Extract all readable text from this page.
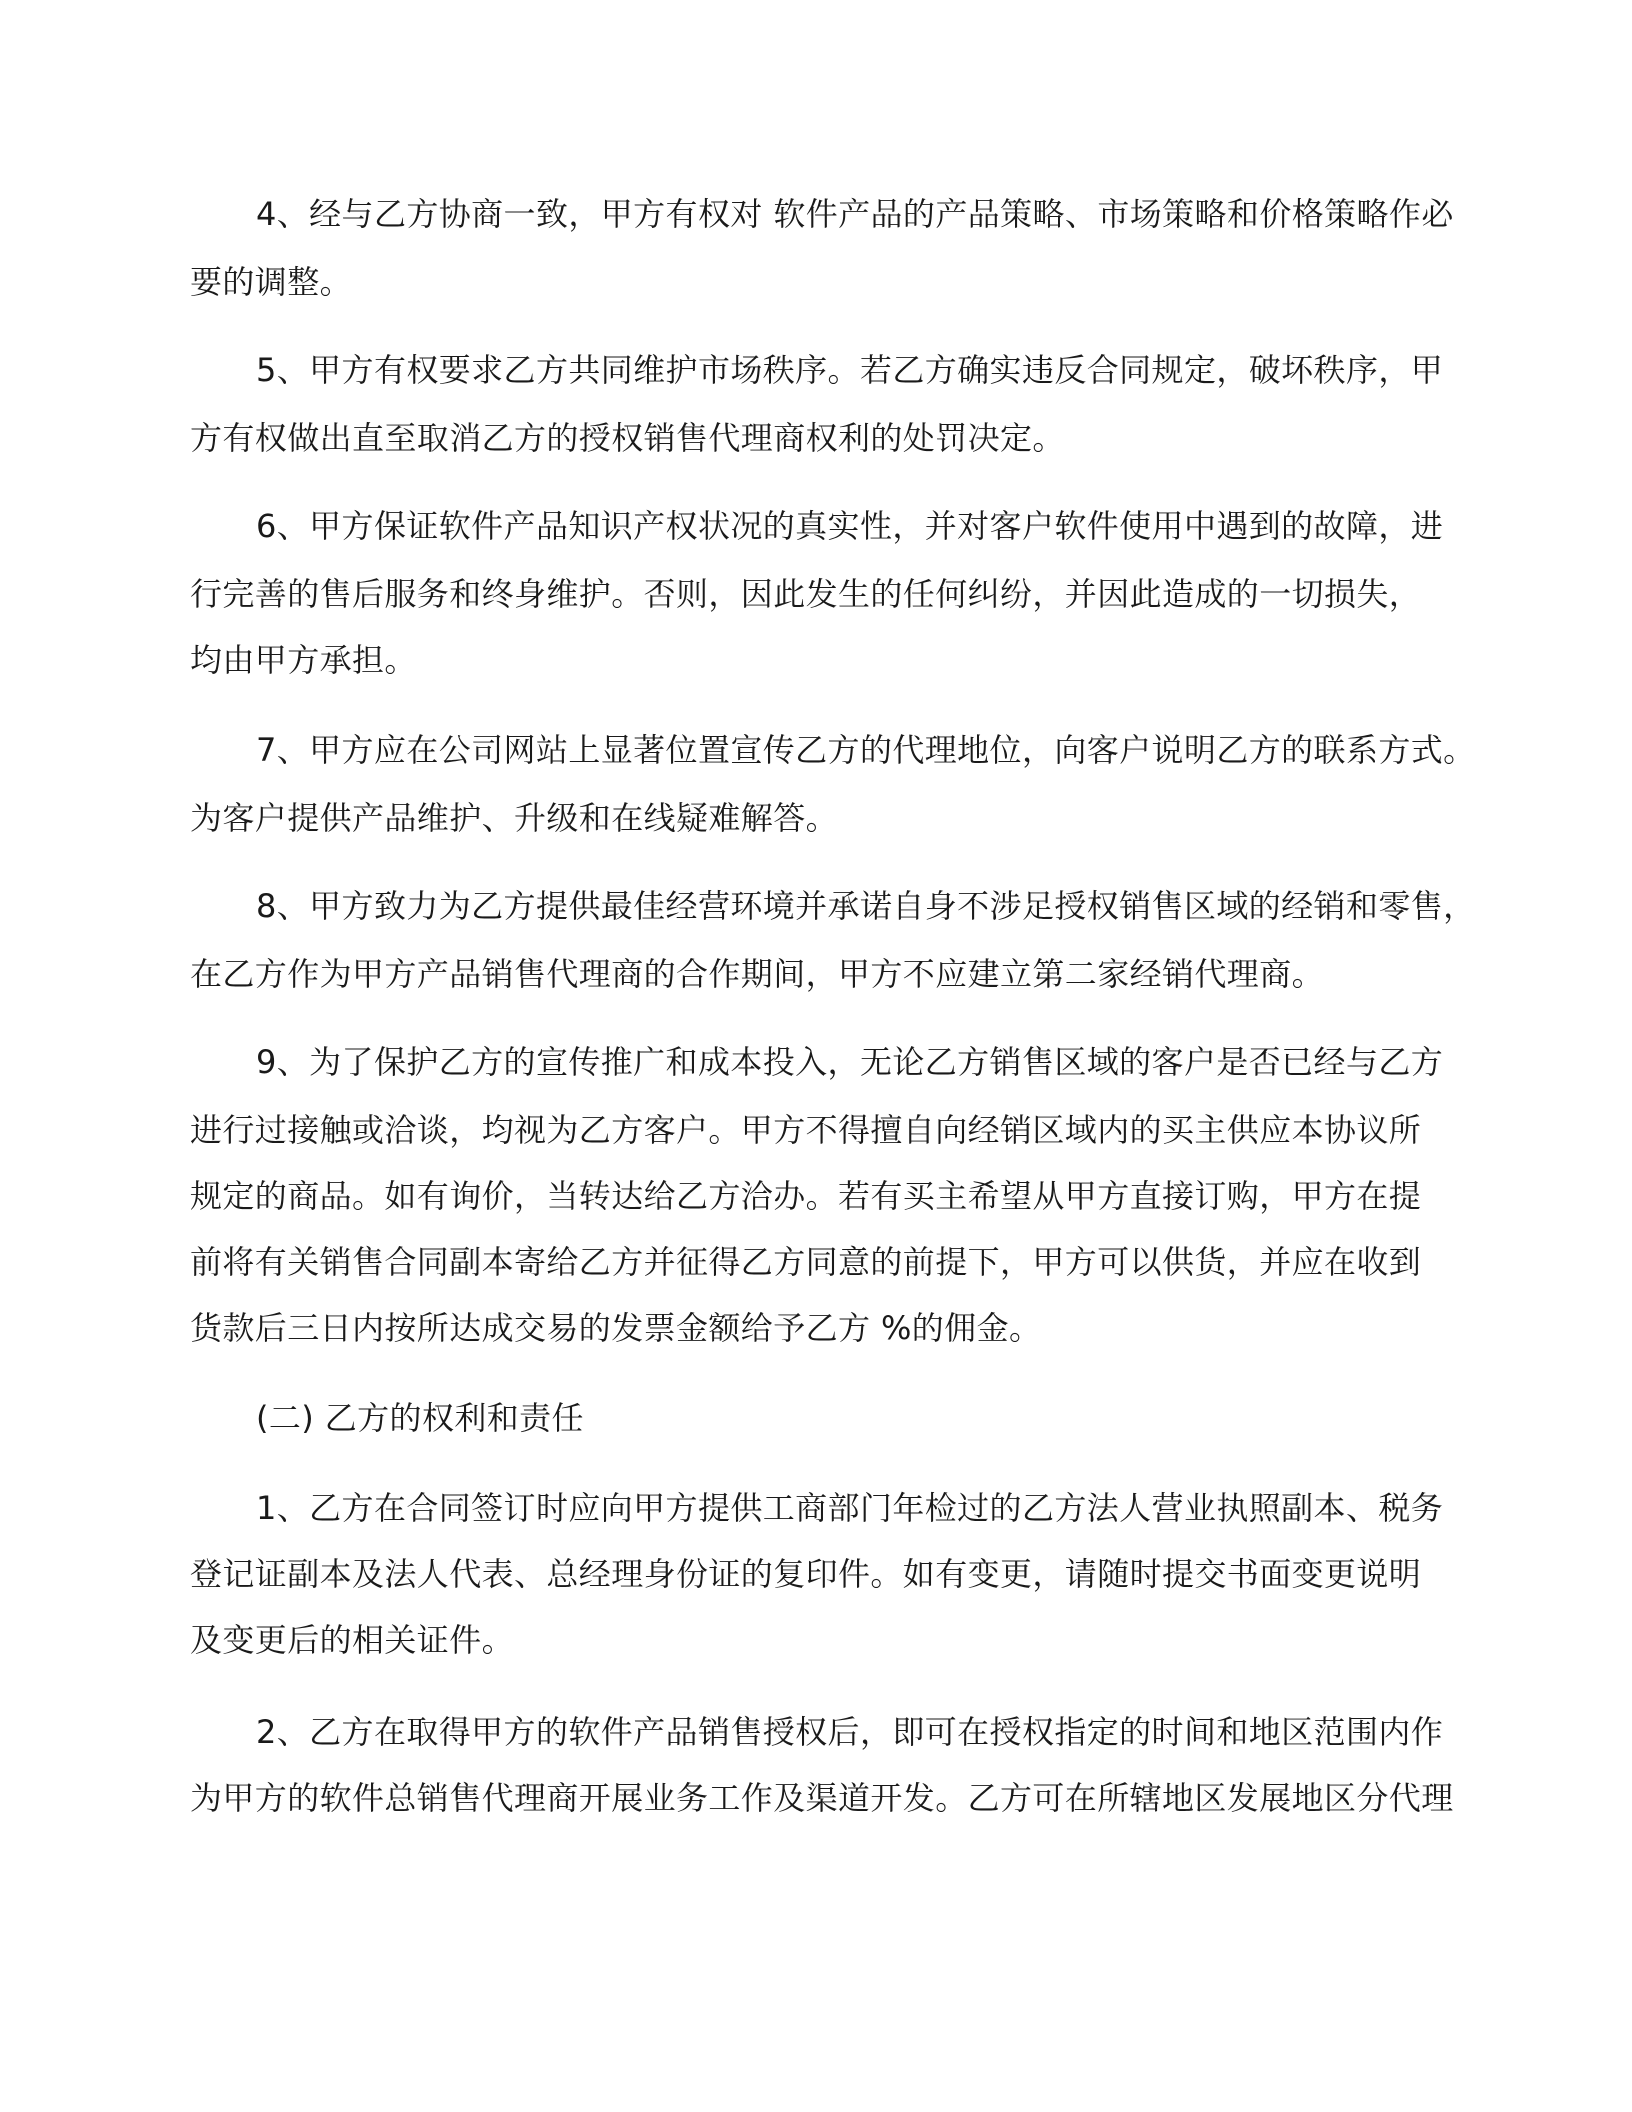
4、经与乙方协商一致，甲方有权对 软件产品的产品策略、市场策略和价格策略作必
要的调整。
5、甲方有权要求乙方共同维护市场秩序。若乙方确实违反合同规定，破坏秩序，甲
方有权做出直至取消乙方的授权销售代理商权利的处罚决定。
6、甲方保证软件产品知识产权状况的真实性，并对客户软件使用中遇到的故障，进
行完善的售后服务和终身维护。否则，因此发生的任何纠纷，并因此造成的一切损失，
均由甲方承担。
7、甲方应在公司网站上显著位置宣传乙方的代理地位，向客户说明乙方的联系方式。
为客户提供产品维护、升级和在线疑难解答。
8、甲方致力为乙方提供最佳经营环境并承诺自身不涉足授权销售区域的经销和零售，
在乙方作为甲方产品销售代理商的合作期间，甲方不应建立第二家经销代理商。
9、为了保护乙方的宣传推广和成本投入，无论乙方销售区域的客户是否已经与乙方
进行过接触或洽谈，均视为乙方客户。甲方不得擅自向经销区域内的买主供应本协议所
规定的商品。如有询价，当转达给乙方洽办。若有买主希望从甲方直接订购，甲方在提
前将有关销售合同副本寄给乙方并征得乙方同意的前提下，甲方可以供货，并应在收到
货款后三日内按所达成交易的发票金额给予乙方 %的佣金。
(二) 乙方的权利和责任
1、乙方在合同签订时应向甲方提供工商部门年检过的乙方法人营业执照副本、税务
登记证副本及法人代表、总经理身份证的复印件。如有变更，请随时提交书面变更说明
及变更后的相关证件。
2、乙方在取得甲方的软件产品销售授权后，即可在授权指定的时间和地区范围内作
为甲方的软件总销售代理商开展业务工作及渠道开发。乙方可在所辖地区发展地区分代理
